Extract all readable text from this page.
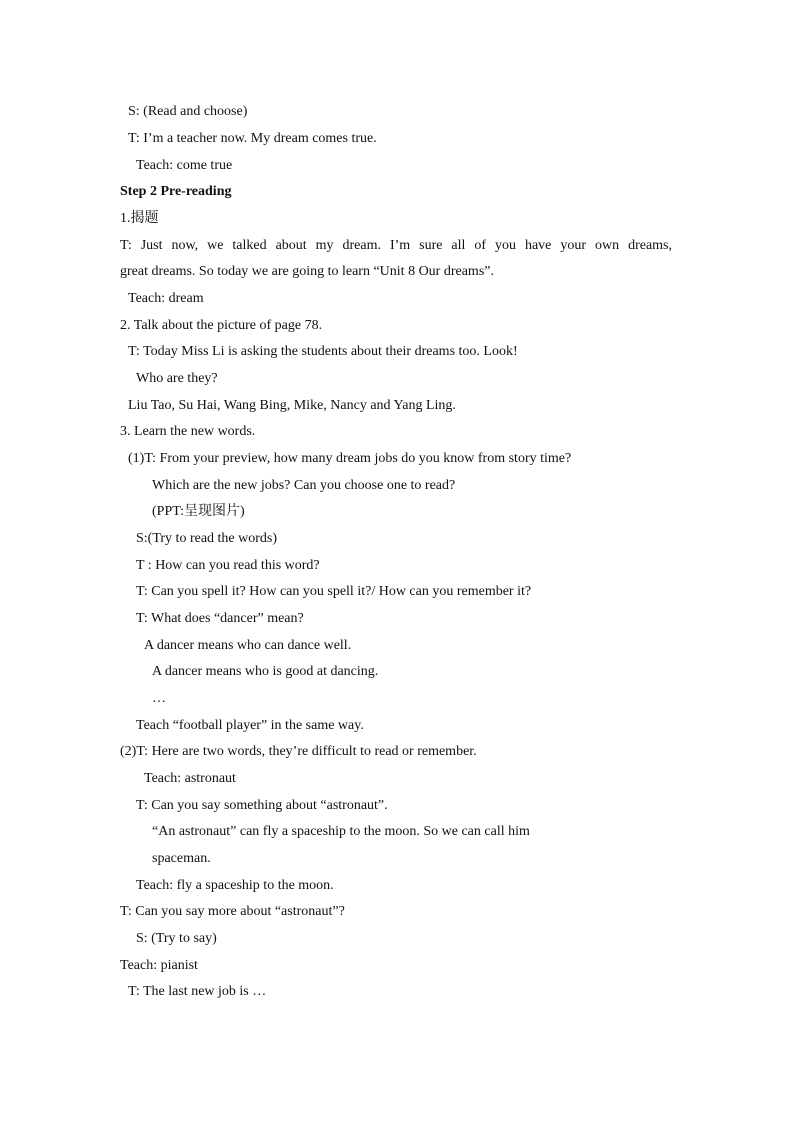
S: (Read and choose)
T: I’m a teacher now. My dream comes true.
Teach: come true
Step 2 Pre-reading
1.揭题
T: Just now, we talked about my dream. I’m sure all of you have your own dreams,
great dreams. So today we are going to learn “Unit 8 Our dreams”.
Teach: dream
2. Talk about the picture of page 78.
T: Today Miss Li is asking the students about their dreams too. Look!
Who are they?
Liu Tao, Su Hai, Wang Bing, Mike, Nancy and Yang Ling.
3. Learn the new words.
(1)T: From your preview, how many dream jobs do you know from story time?
Which are the new jobs? Can you choose one to read?
(PPT:呈现图片)
S:(Try to read the words)
T : How can you read this word?
T: Can you spell it? How can you spell it?/ How can you remember it?
T: What does “dancer” mean?
A dancer means who can dance well.
A dancer means who is good at dancing.
…
Teach “football player” in the same way.
(2)T: Here are two words, they’re difficult to read or remember.
Teach: astronaut
T: Can you say something about “astronaut”.
“An astronaut” can fly a spaceship to the moon. So we can call him
spaceman.
Teach: fly a spaceship to the moon.
T: Can you say more about “astronaut”?
S: (Try to say)
Teach: pianist
T: The last new job is …
